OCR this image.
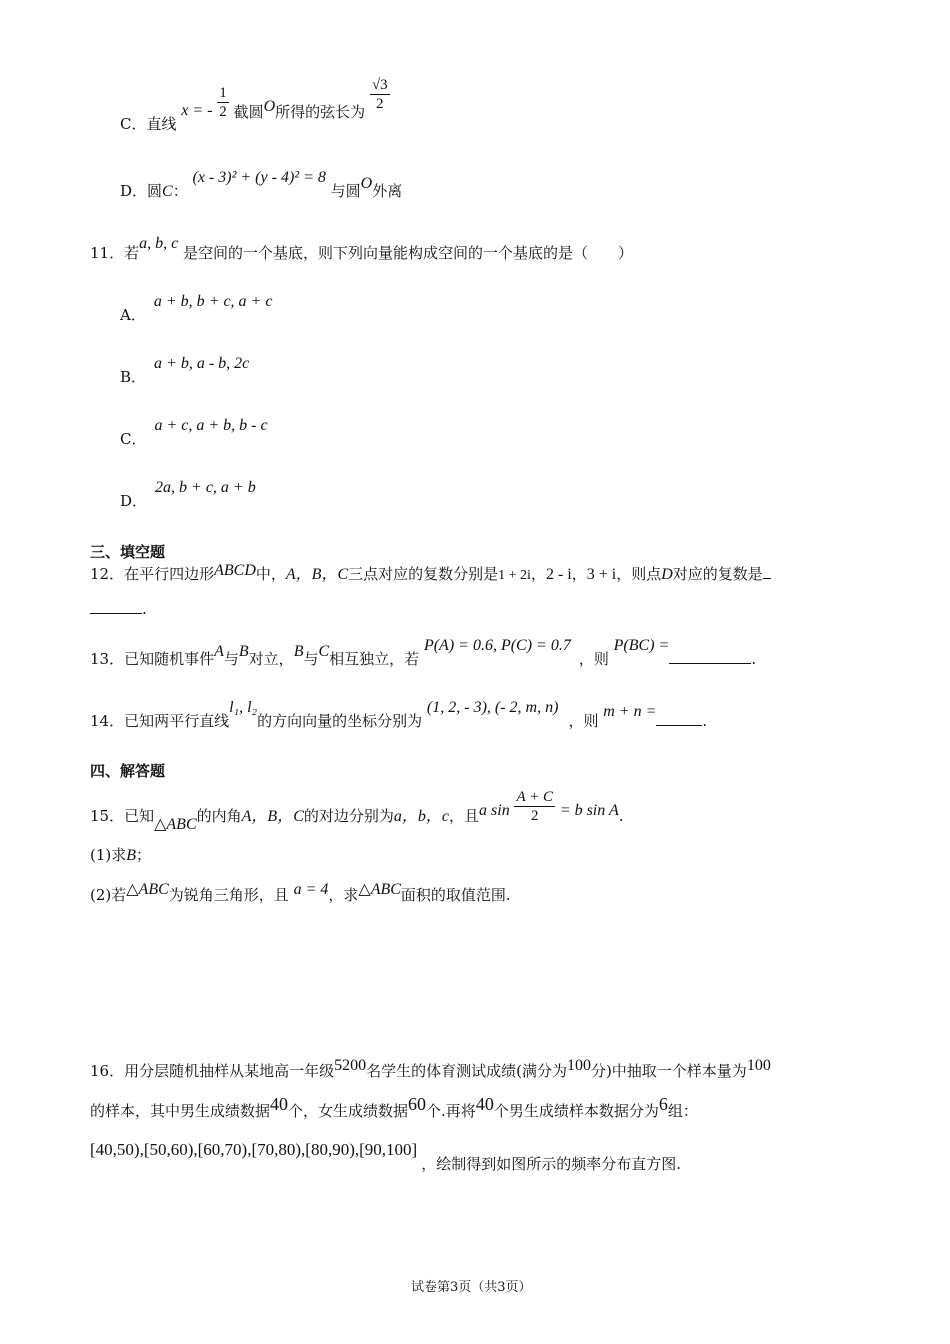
C．直线 x = - $\frac{1}{2}$ 截圆O所得的弦长为 $\frac{√3}{2}$
D．圆C： (x - 3)² + (y - 4)² = 8 与圆O外离
11．若a, b, c 是空间的一个基底，则下列向量能构成空间的一个基底的是（　　）
A．a + b, b + c, a + c
B．a + b, a - b, 2c
C．a + c, a + b, b - c
D．2a, b + c, a + b
三、填空题
12．在平行四边形ABCD中，A，B，C三点对应的复数分别是1 + 2i，2 - i，3 + i，则点D对应的复数是
.
13．已知随机事件A与B对立，B与C相互独立，若 P(A) = 0.6, P(C) = 0.7，则 P(BC) =.
14．已知两平行直线l₁, l₂的方向向量的坐标分别为 (1, 2, - 3), (- 2, m, n)，则 m + n =.
四、解答题
15．已知△ABC的内角A，B，C的对边分别为a，b，c，且a $\sin \frac{A + C}{2} = b$ sin A.
(1)求B；
(2)若△ABC为锐角三角形，且 a = 4，求△ABC面积的取值范围.
16．用分层随机抽样从某地高一年级5200名学生的体育测试成绩(满分为100分)中抽取一个样本量为100
的样本，其中男生成绩数据40个，女生成绩数据60个.再将40个男生成绩样本数据分为6组：
[40,50),[50,60),[60,70),[70,80),[80,90),[90,100]，绘制得到如图所示的频率分布直方图.
试卷第3页（共3页）
